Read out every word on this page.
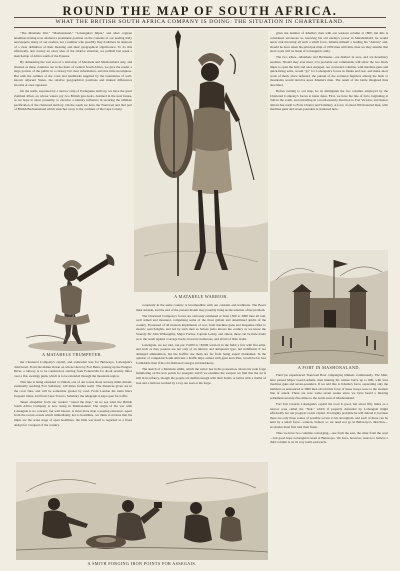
ROUND THE MAP OF SOUTH AFRICA.
WHAT THE BRITISH SOUTH AFRICA COMPANY IS DOING: THE SITUATION IN CHARTERLAND.

"The Matabele War," "Mashonaland," "Lobengula's Impis," and other cognate headlines having now attained a prominent position on the contents of our leading daily newspapers, many of our readers, not a number who possibly may doubtless be desirous of a clear definition of their meaning and their geographical significance. To do this effectually, and convey an exact idea of the relative situation, we publish last week a sketch-map of Africa south of the Equator.

By delineating the vast area of a land map of Matabele and Mashonaland only, and situated as these countries are in the heart of Central South Africa, we give the reader a large portion of the public in a cursory but clear information, and that little incomplete. But with the outlines of the coast and landmarks supplied by the boundaries of well-known adjacent States, the relative geographical positions and mutual differences become at once apparent.

On the north, separated by a narrow strip of Portuguese territory, we have the great Zambesi River, on whose waters pry two British gun-boats, destined in the near future, as we hope to show presently, to exercise a salutary influence in securing the ultimate pacification of the chartered territory. On the south we have the Transvaal and that part of British Bechuanaland which stretches away to the confines of the Cape Colony.

A MATABELE TRUMPETER.

the Chartered Company's capital, and somewhat less for Bulawayo, Lobengula's chief kraal. From the Indian Ocean on whose shore by Fort Beira, passing up the Pungwe River, a railway is to be constructed, starting from Fontesvilla for about seventy miles over a flat, swampy plain, which is to be extended through the mountain region.

This line is being extended to Umtali, one of our towns about seventy miles distant, eventually reaching Fort Salisbury, 120 miles further north. The distances given are in the crow flies, and will be somewhat greater by road. From London the main line's frequent trains, and from Cape Town to Salisbury the telegraph is kept open for traffic.

Taken altogether from our readers' "round the map," let us see what the British South Africa Company is now doing in Mashonaland. The origin of the war with Lobengula is no concern; but well known, is most more than a passing reference. Apart from the recent events which immediately led to hostilities, we think it obvious that his impis are the acute stage of open hostilities, the little war itself is regarded as a fixed design for conquest of the country.

A MATABELE WARRIOR.

conjointly in the same country is incompatible with our customs and traditions. The Boers must subside, and the end of the present month may possibly bring us the solution of the problem.

The Chartered Company's forces are variously estimated at from 1500 to 2000 men all told, well armed and mounted, comprising some of the most gallant and determined spirits of the country. Possessed of all modern implements of war, from machine guns and magazine rifles to electric search-lights, and led by such men as Selous (who knows the country as we know the Strand), Sir John Willoughby, Major Forbes, Captain Lendy, and others, there can be little doubt as to the result against a savage horde, however numerous, and afraid of little doubt.

Lobengula, we are told, can put 15,000 to 18,000 warriors in the field; a few with fire-arms, and such as they possess are not only of an inferior and antiquated type, but indifferent if not damaged ammunition, but the Kaffirs use them are far from being expert marksmen. In the opinion of competent South Africans a Kaffir impi, armed with guns and rifles, would be far less formidable than if his old-fashioned assegai and knobkerry.

The sketch of a Matabele smith, which the writer has in his possession, shows his rude forge hammering on the iron points for assegais; and if we examine the weapon we find that the art is still in its infancy, though the people are skilful enough with their hands. A native with a mallet of iron and a bellows worked by a boy are seen at the forge.

gives the number of Khama's men with our western column at 1800, but this is considered erroneous as, knowing his old enemy's power in Matabeleland, he would never risk throwing all such a small force. Khama himself a leading his "Amavu" and, should he have taken his principal impi of 1000 men with him, then we may assume that short work will be made of Lobengula's army.

The two tribes—Matabele and Bechuana—are distinct in race, and are hereditary enemies. Should they ever meet, it is probable our commander will allow the two black impis to open the ball; and once engaged, our concerted columns, with machine guns and quick-firing arms, would "go" for Lobengula's forces in flanks and rear, and make short work of them. Once defeated, the pursuit of the scattered fugitives among the bush or mountains would devolve upon Khama's men. The result of the battle imagined thus described.

Before turning to our map, let us distinguish the two columns employed by the Chartered Company's forces at latest dates. First, we have the line of forts, beginning at Tuli in the south, and extending in a north-easterly direction to Fort Victoria, and thence almost due north to Forts Charter and Salisbury. A force of about 500 mounted men, with machine guns and seven-pounders is stationed here.

A FORT IN MASHONALAND.

Fund (as experienced Transvaal Boer campaigns) blinkets continuously. The Mail, here passed Major Goold-Adams, then making his wishes brave up to 600, with four machine guns and seven-pounders. If we add this to Khama's force, separating only the numbers as announced at 3000 men all told this force of these troops were to the western line of attack. There are now some seven weeks since we have heard a missing settlement seventy-five miles to the north-west of Mashonaland.

Fort Tati towards Lobengula's capital the road is good, but about fifty miles as a narrow pass called the "Nek," which if properly defended by Lobengula might effectually bar our progress on his capital. It is highly probable he will defend it, because there are only three routes of possible access to his stronghold, and each of these can be held by a small force—cannon, indeed, so we need not go in Bulawayo's direction—stockades must first turn their flank.

Thus we have two columns converging—one from the east, the other from the west—but good hope Lobengula's kraal at Bulawayo. We have, however, reason to believe a third column is on its way north-eastwards.

A SMITH FORGING IRON POINTS FOR ASSEGAIS.
